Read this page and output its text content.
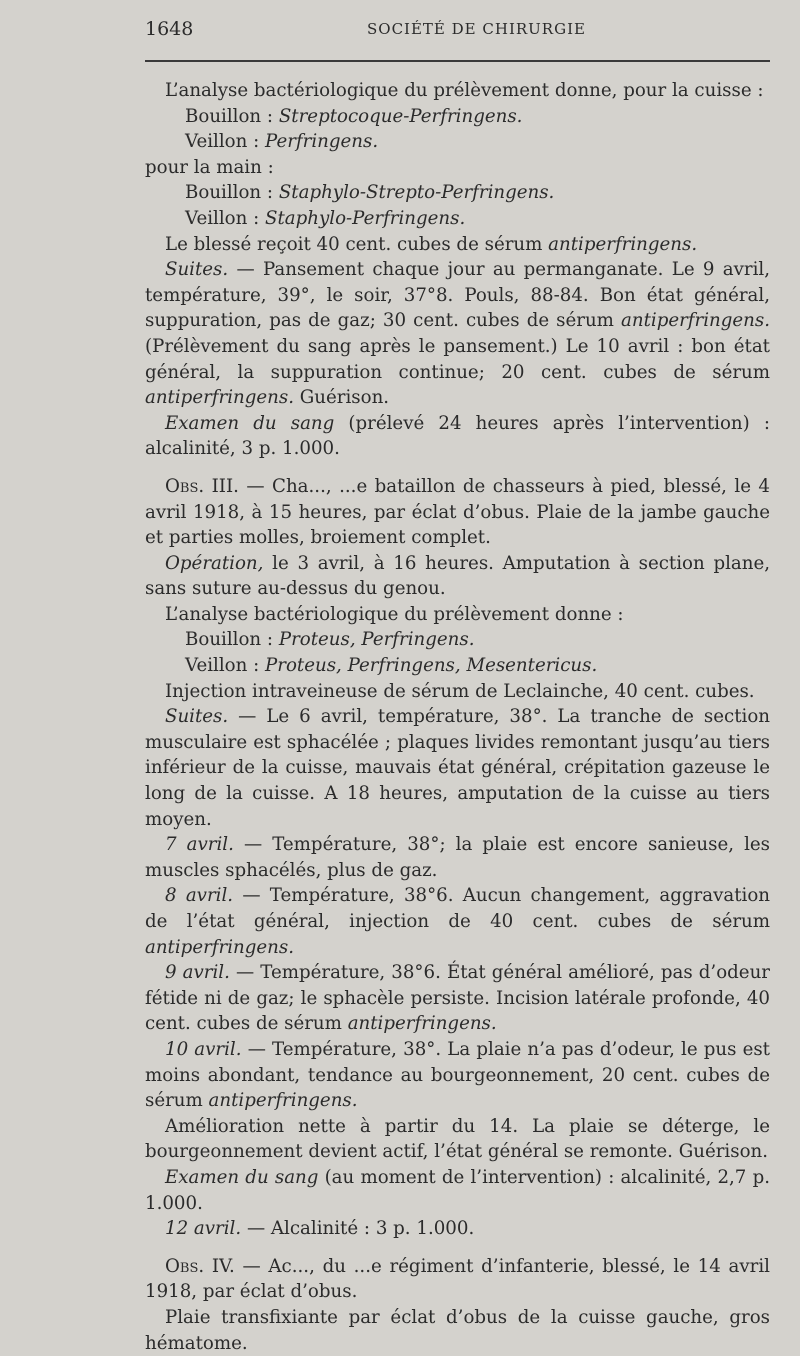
1648	SOCIÉTÉ DE CHIRURGIE

L’analyse bactériologique du prélèvement donne, pour la cuisse :

Bouillon : Streptocoque-Perfringens.

Veillon : Perfringens.

pour la main :

Bouillon : Staphylo-Strepto-Perfringens.

Veillon : Staphylo-Perfringens.

Le blessé reçoit 40 cent. cubes de sérum antiperfringens.

Suites. — Pansement chaque jour au permanganate. Le 9 avril, température, 39°, le soir, 37°8. Pouls, 88-84. Bon état général, suppuration, pas de gaz; 30 cent. cubes de sérum antiperfringens. (Prélèvement du sang après le pansement.) Le 10 avril : bon état général, la suppuration continue; 20 cent. cubes de sérum antiperfringens. Guérison.

Examen du sang (prélevé 24 heures après l’intervention) : alcalinité, 3 p. 1.000.

Obs. III. — Cha..., ...e bataillon de chasseurs à pied, blessé, le 4 avril 1918, à 15 heures, par éclat d’obus. Plaie de la jambe gauche et parties molles, broiement complet.

Opération, le 3 avril, à 16 heures. Amputation à section plane, sans suture au-dessus du genou.

L’analyse bactériologique du prélèvement donne :

Bouillon : Proteus, Perfringens.

Veillon : Proteus, Perfringens, Mesentericus.

Injection intraveineuse de sérum de Leclainche, 40 cent. cubes.

Suites. — Le 6 avril, température, 38°. La tranche de section musculaire est sphacélée ; plaques livides remontant jusqu’au tiers inférieur de la cuisse, mauvais état général, crépitation gazeuse le long de la cuisse. A 18 heures, amputation de la cuisse au tiers moyen.

7 avril. — Température, 38°; la plaie est encore sanieuse, les muscles sphacélés, plus de gaz.

8 avril. — Température, 38°6. Aucun changement, aggravation de l’état général, injection de 40 cent. cubes de sérum antiperfringens.

9 avril. — Température, 38°6. État général amélioré, pas d’odeur fétide ni de gaz; le sphacèle persiste. Incision latérale profonde, 40 cent. cubes de sérum antiperfringens.

10 avril. — Température, 38°. La plaie n’a pas d’odeur, le pus est moins abondant, tendance au bourgeonnement, 20 cent. cubes de sérum antiperfringens.

Amélioration nette à partir du 14. La plaie se déterge, le bourgeonnement devient actif, l’état général se remonte. Guérison.

Examen du sang (au moment de l’intervention) : alcalinité, 2,7 p. 1.000.

12 avril. — Alcalinité : 3 p. 1.000.

Obs. IV. — Ac..., du ...e régiment d’infanterie, blessé, le 14 avril 1918, par éclat d’obus.

Plaie transfixiante par éclat d’obus de la cuisse gauche, gros hématome.
